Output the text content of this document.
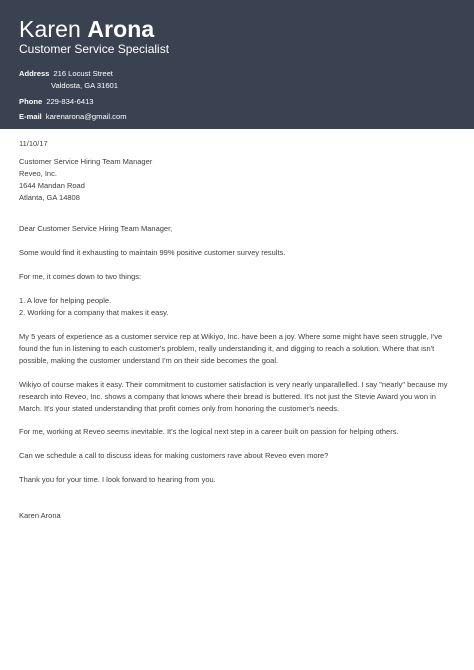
Karen Arona
Customer Service Specialist
Address 216 Locust Street
Valdosta, GA 31601
Phone 229-834-6413
E-mail karenarona@gmail.com
11/10/17
Customer Service Hiring Team Manager
Reveo, Inc.
1644 Mandan Road
Atlanta, GA 14808
Dear Customer Service Hiring Team Manager,
Some would find it exhausting to maintain 99% positive customer survey results.
For me, it comes down to two things:
1. A love for helping people.
2. Working for a company that makes it easy.
My 5 years of experience as a customer service rep at Wikiyo, Inc. have been a joy. Where some might have seen struggle, I've found the fun in listening to each customer's problem, really understanding it, and digging to reach a solution. Where that isn't possible, making the customer understand I'm on their side becomes the goal.
Wikiyo of course makes it easy. Their commitment to customer satisfaction is very nearly unparallelled. I say "nearly" because my research into Reveo, Inc. shows a company that knows where their bread is buttered. It's not just the Stevie Award you won in March. It's your stated understanding that profit comes only from honoring the customer's needs.
For me, working at Reveo seems inevitable. It's the logical next step in a career built on passion for helping others.
Can we schedule a call to discuss ideas for making customers rave about Reveo even more?
Thank you for your time. I look forward to hearing from you.
Karen Arona
